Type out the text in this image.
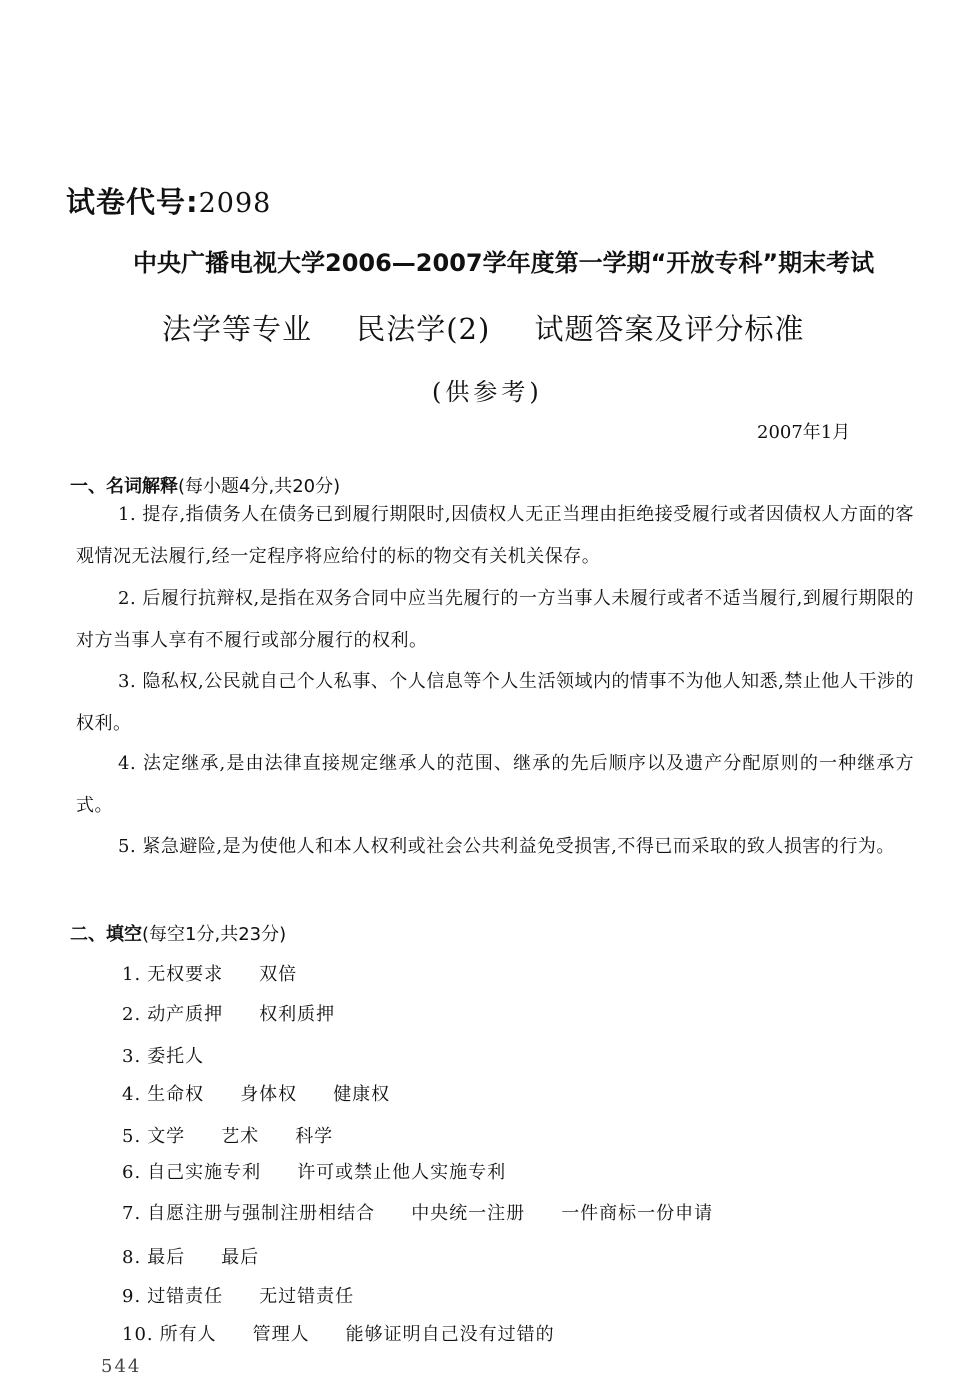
试卷代号:2098
中央广播电视大学2006—2007学年度第一学期“开放专科”期末考试
法学等专业 民法学(2) 试题答案及评分标准
(供参考)
2007年1月
一、名词解释(每小题4分,共20分)
1. 提存,指债务人在债务已到履行期限时,因债权人无正当理由拒绝接受履行或者因债权人方面的客观情况无法履行,经一定程序将应给付的标的物交有关机关保存。
2. 后履行抗辩权,是指在双务合同中应当先履行的一方当事人未履行或者不适当履行,到履行期限的对方当事人享有不履行或部分履行的权利。
3. 隐私权,公民就自己个人私事、个人信息等个人生活领域内的情事不为他人知悉,禁止他人干涉的权利。
4. 法定继承,是由法律直接规定继承人的范围、继承的先后顺序以及遗产分配原则的一种继承方式。
5. 紧急避险,是为使他人和本人权利或社会公共利益免受损害,不得已而采取的致人损害的行为。
二、填空(每空1分,共23分)
1. 无权要求 双倍
2. 动产质押 权利质押
3. 委托人
4. 生命权 身体权 健康权
5. 文学 艺术 科学
6. 自己实施专利 许可或禁止他人实施专利
7. 自愿注册与强制注册相结合 中央统一注册 一件商标一份申请
8. 最后 最后
9. 过错责任 无过错责任
10. 所有人 管理人 能够证明自己没有过错的
544
